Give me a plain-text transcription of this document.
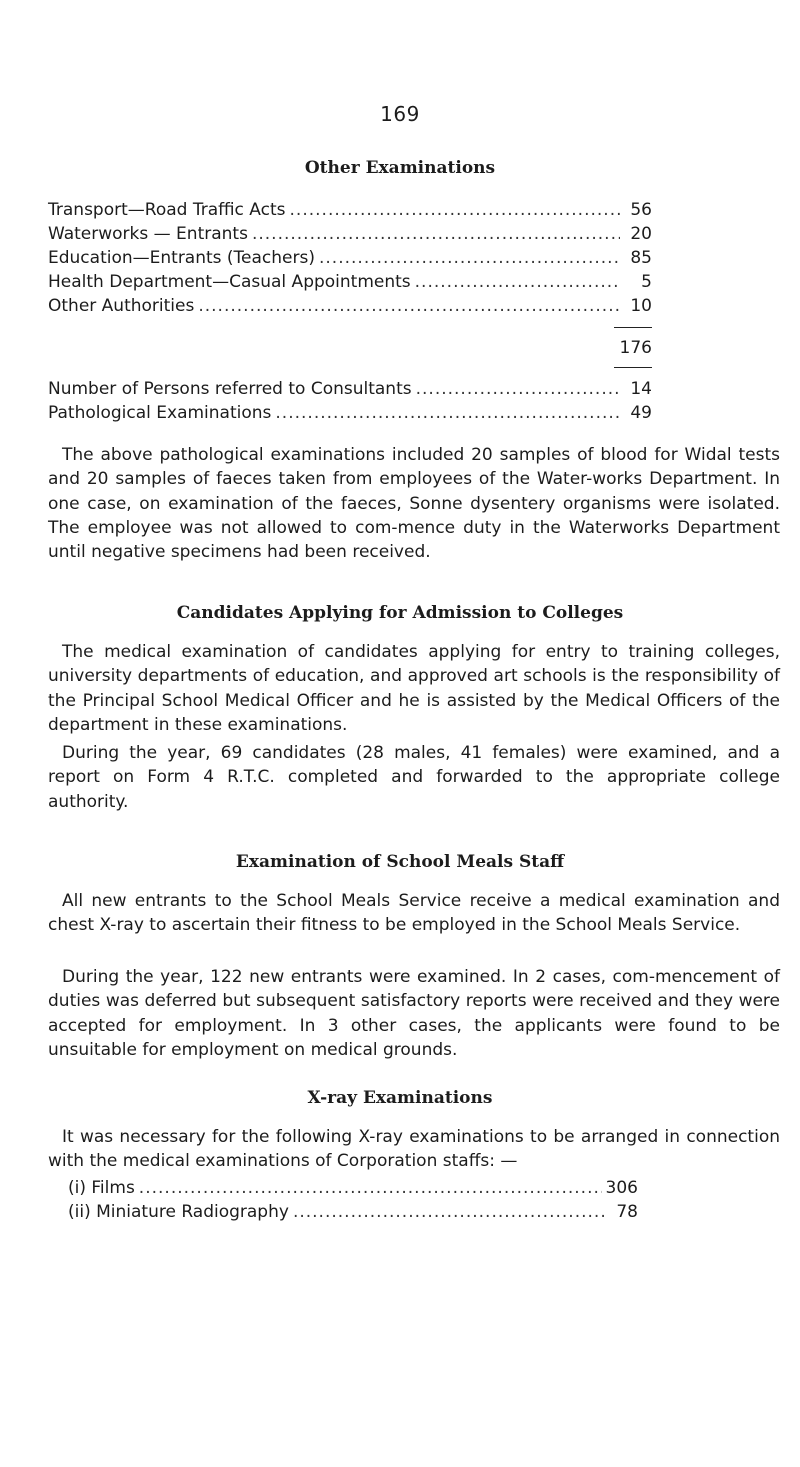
169
Other Examinations
Transport—Road Traffic Acts .....	56
Waterworks — Entrants .....	20
Education—Entrants (Teachers) .....	85
Health Department—Casual Appointments .....	5
Other Authorities .....	10
176
Number of Persons referred to Consultants .....	14
Pathological Examinations .....	49

The above pathological examinations included 20 samples of blood for Widal tests and 20 samples of faeces taken from employees of the Water-works Department. In one case, on examination of the faeces, Sonne dysentery organisms were isolated. The employee was not allowed to com-mence duty in the Waterworks Department until negative specimens had been received.

Candidates Applying for Admission to Colleges

The medical examination of candidates applying for entry to training colleges, university departments of education, and approved art schools is the responsibility of the Principal School Medical Officer and he is assisted by the Medical Officers of the department in these examinations.

During the year, 69 candidates (28 males, 41 females) were examined, and a report on Form 4 R.T.C. completed and forwarded to the appropriate college authority.

Examination of School Meals Staff

All new entrants to the School Meals Service receive a medical examination and chest X-ray to ascertain their fitness to be employed in the School Meals Service.

During the year, 122 new entrants were examined. In 2 cases, com-mencement of duties was deferred but subsequent satisfactory reports were received and they were accepted for employment. In 3 other cases, the applicants were found to be unsuitable for employment on medical grounds.

X-ray Examinations

It was necessary for the following X-ray examinations to be arranged in connection with the medical examinations of Corporation staffs: —

(i) Films .....	306
(ii) Miniature Radiography .....	78
